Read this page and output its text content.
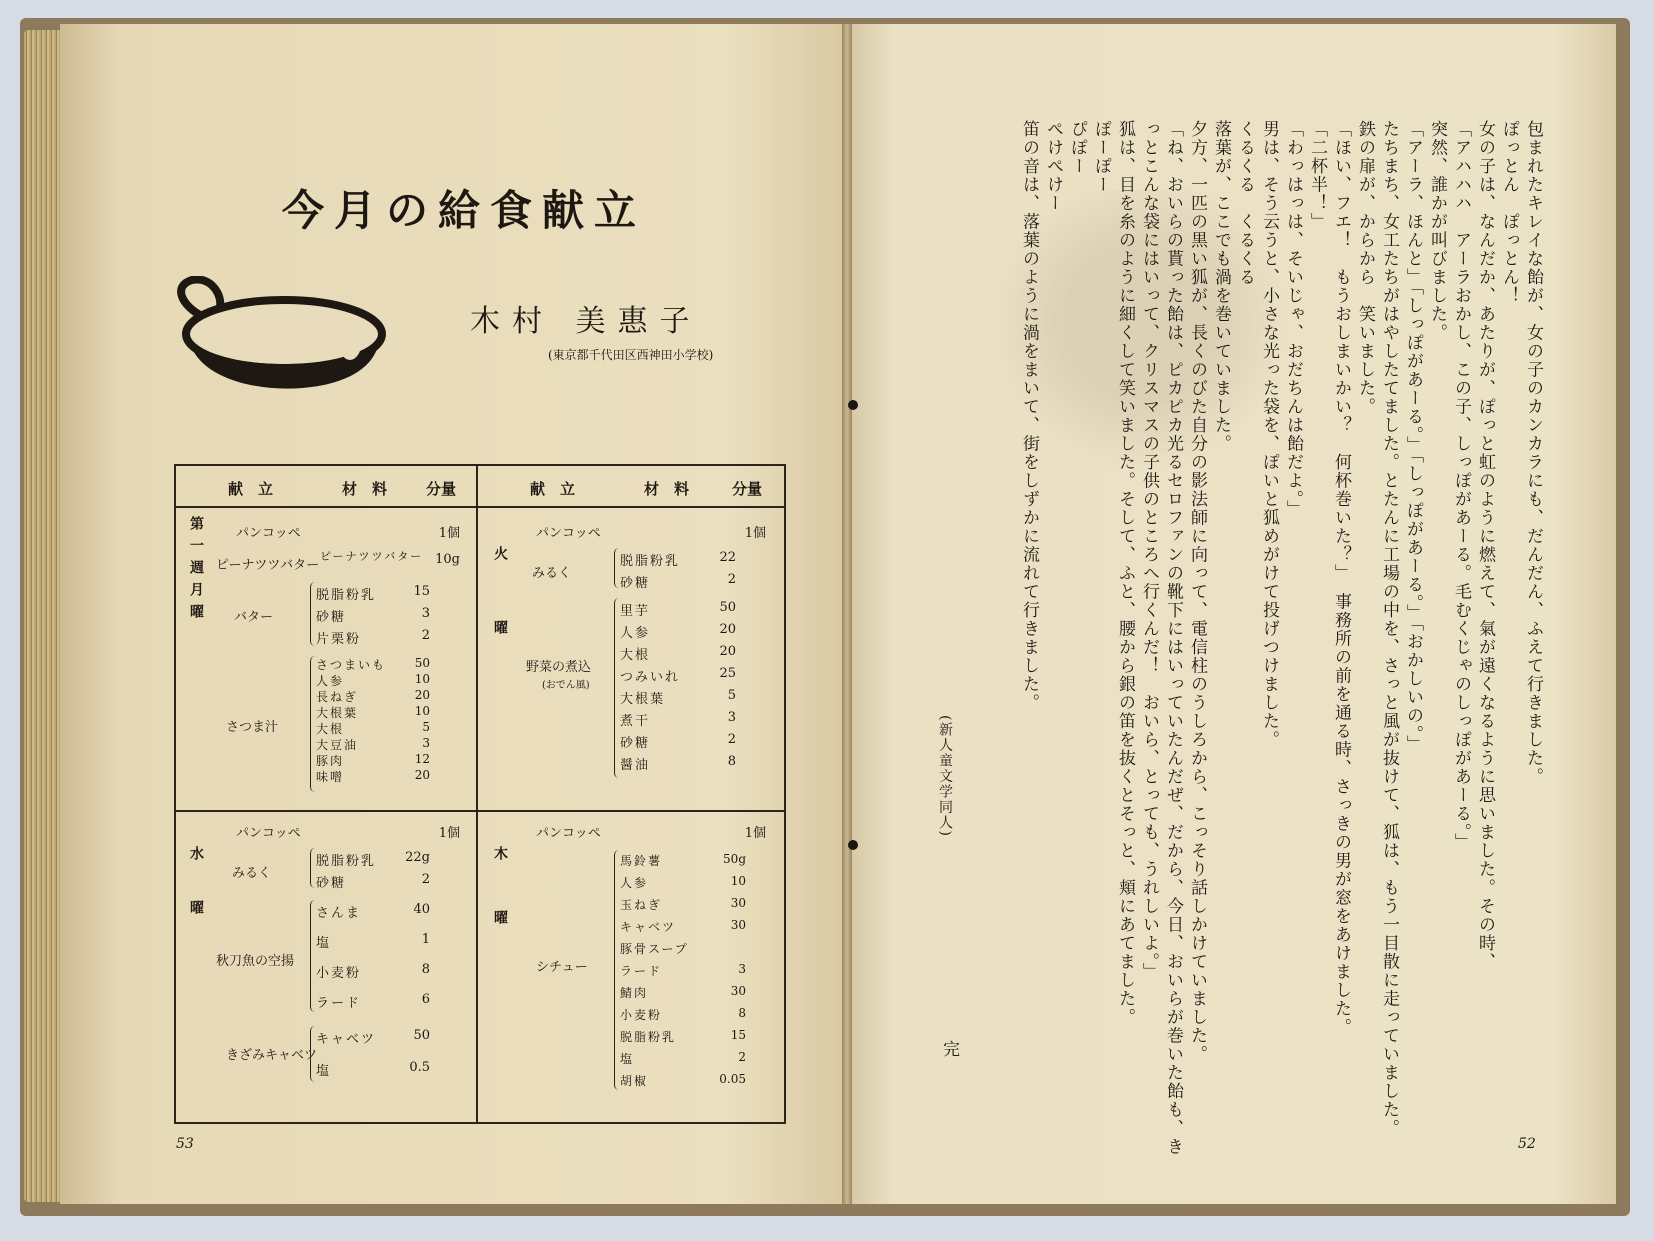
今月の給食献立
木村 美惠子
(東京都千代田区西神田小学校)
献　立	材　料	分量	献　立	材　料	分量
第一週月曜 パンコッペ	1個
ピーナツツバター
ピーナツツバター 10g
バター
脱脂粉乳	15
砂糖	3
片栗粉	2
さつま汁
さつまいも	50
人参	10
長ねぎ	20
大根葉	10
大根	5
大豆油	3
豚肉	12
味噌	20
火曜
パンコッペ	1個
みるく
脱脂粉乳	22
砂糖	2
野菜の煮込
(おでん風)
里芋	50
人参	20
大根	20
つみいれ	25
大根葉	5
煮干	3
砂糖	2
醤油	8
水曜
パンコッペ	1個
みるく
脱脂粉乳	22g
砂糖	2
秋刀魚の空揚
さんま	40
塩	1
小麦粉	8
ラード	6
きざみキャベツ
キャベツ	50
塩	0.5
木曜
パンコッペ	1個
シチュー
馬鈴薯	50g
人参	10
玉ねぎ	30
キャベツ	30
豚骨スープ
ラード	3
鯖肉	30
小麦粉	8
脱脂粉乳	15
塩	2
胡椒	0.05
53
包まれたキレイな飴が、女の子のカンカラにも、だんだん、ふえて行きました。
ぽっとん　ぽっとん！
女の子は、なんだか、あたりが、ぽっと虹のように燃えて、氣が遠くなるように思いました。その時、
「アハハハ　アーラおかし、この子、しっぽがあーる。毛むくじゃのしっぽがあーる。」
突然、誰かが叫びました。
「アーラ、ほんと」「しっぽがあーる。」「しっぽがあーる。」「おかしいの。」
たちまち、女工たちがはやしたてました。とたんに工場の中を、さっと風が抜けて、狐は、もう一目散に走っていました。
鉄の扉が、からから　笑いました。
「ほい、フエ！　もうおしまいかい？　何杯巻いた？」　事務所の前を通る時、さっきの男が窓をあけました。
「二杯半！」
「わっはっは、そいじゃ、おだちんは飴だよ。」
男は、そう云うと、小さな光った袋を、ぽいと狐めがけて投げつけました。
くるくる　くるくる
落葉が、ここでも渦を巻いていました。
夕方、一匹の黒い狐が、長くのびた自分の影法師に向って、電信柱のうしろから、こっそり話しかけていました。
「ね、おいらの貰った飴は、ピカピカ光るセロファンの靴下にはいっていたんだぜ、だから、今日、おいらが巻いた飴も、き
っとこんな袋にはいって、クリスマスの子供のところへ行くんだ！　おいら、とっても、うれしいよ。」
狐は、目を糸のように細くして笑いました。そして、ふと、腰から銀の笛を抜くとそっと、頬にあてました。
ぽーぽー
ぴぽー
ぺけぺけー
笛の音は、落葉のように渦をまいて、街をしずかに流れて行きました。
(新人童文学同人)
完
52
